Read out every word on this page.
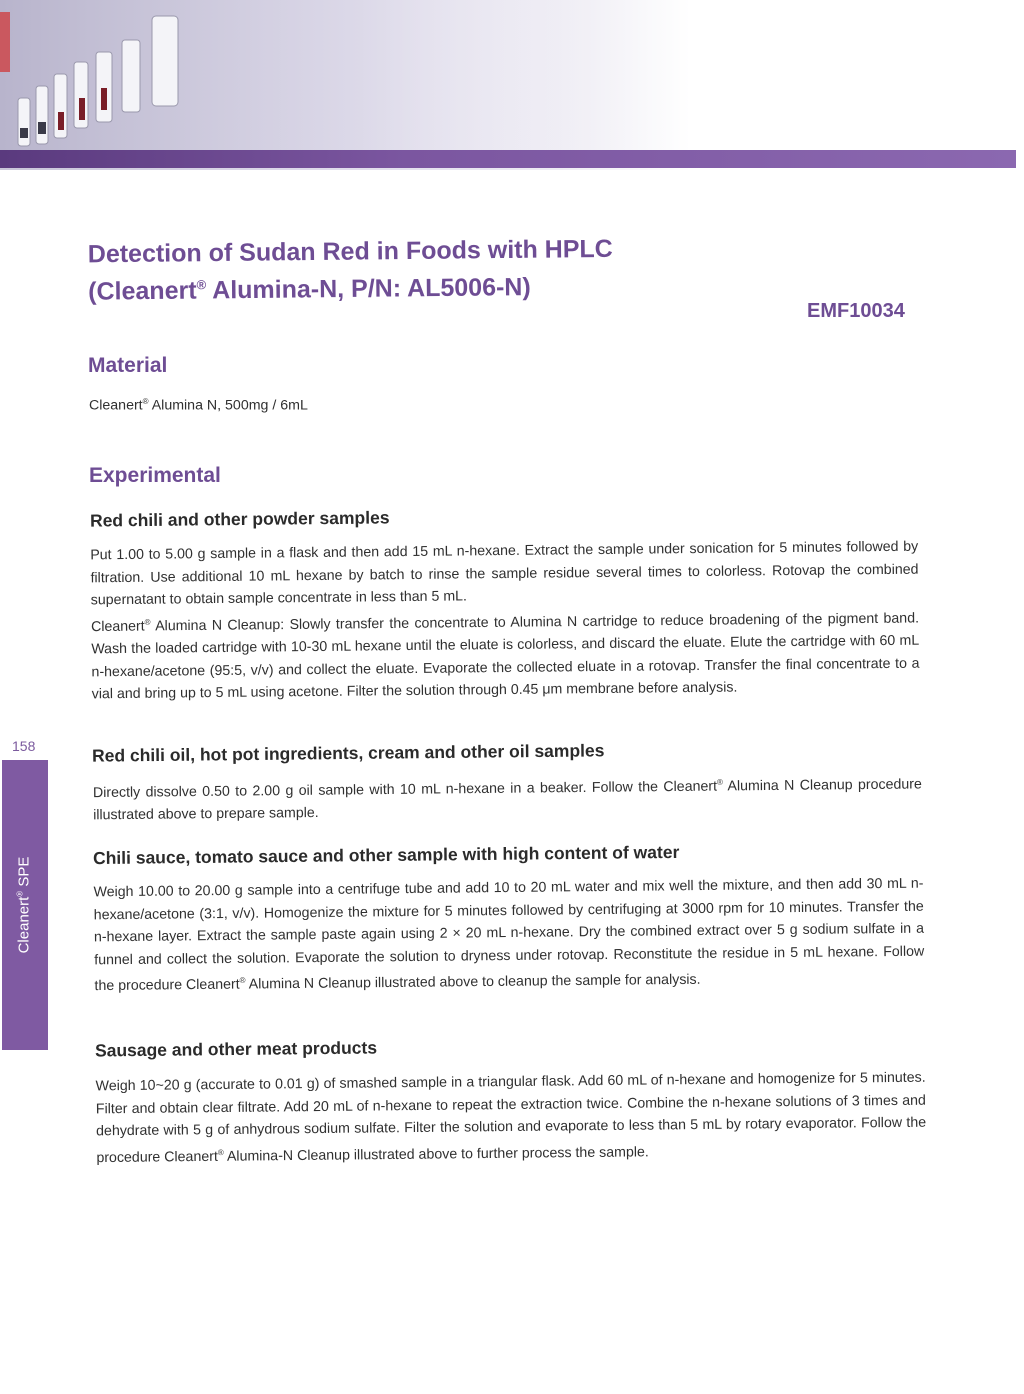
158
Cleanert® SPE
Detection of Sudan Red in Foods with HPLC
(Cleanert® Alumina-N, P/N: AL5006-N)
EMF10034
Material
Cleanert® Alumina N, 500mg / 6mL
Experimental
Red chili and other powder samples

Put 1.00 to 5.00 g sample in a flask and then add 15 mL n-hexane. Extract the sample under sonication for 5 minutes followed by filtration. Use additional 10 mL hexane by batch to rinse the sample residue several times to colorless. Rotovap the combined supernatant to obtain sample concentrate in less than 5 mL.

Cleanert® Alumina N Cleanup: Slowly transfer the concentrate to Alumina N cartridge to reduce broadening of the pigment band. Wash the loaded cartridge with 10-30 mL hexane until the eluate is colorless, and discard the eluate. Elute the cartridge with 60 mL n-hexane/acetone (95:5, v/v) and collect the eluate. Evaporate the collected eluate in a rotovap. Transfer the final concentrate to a vial and bring up to 5 mL using acetone. Filter the solution through 0.45 μm membrane before analysis.

Red chili oil, hot pot ingredients, cream and other oil samples

Directly dissolve 0.50 to 2.00 g oil sample with 10 mL n-hexane in a beaker. Follow the Cleanert® Alumina N Cleanup procedure illustrated above to prepare sample.

Chili sauce, tomato sauce and other sample with high content of water

Weigh 10.00 to 20.00 g sample into a centrifuge tube and add 10 to 20 mL water and mix well the mixture, and then add 30 mL n-hexane/acetone (3:1, v/v). Homogenize the mixture for 5 minutes followed by centrifuging at 3000 rpm for 10 minutes. Transfer the n-hexane layer. Extract the sample paste again using 2 × 20 mL n-hexane. Dry the combined extract over 5 g sodium sulfate in a funnel and collect the solution. Evaporate the solution to dryness under rotovap. Reconstitute the residue in 5 mL hexane. Follow the procedure Cleanert® Alumina N Cleanup illustrated above to cleanup the sample for analysis.

Sausage and other meat products

Weigh 10~20 g (accurate to 0.01 g) of smashed sample in a triangular flask. Add 60 mL of n-hexane and homogenize for 5 minutes. Filter and obtain clear filtrate. Add 20 mL of n-hexane to repeat the extraction twice. Combine the n-hexane solutions of 3 times and dehydrate with 5 g of anhydrous sodium sulfate. Filter the solution and evaporate to less than 5 mL by rotary evaporator. Follow the procedure Cleanert® Alumina-N Cleanup illustrated above to further process the sample.
